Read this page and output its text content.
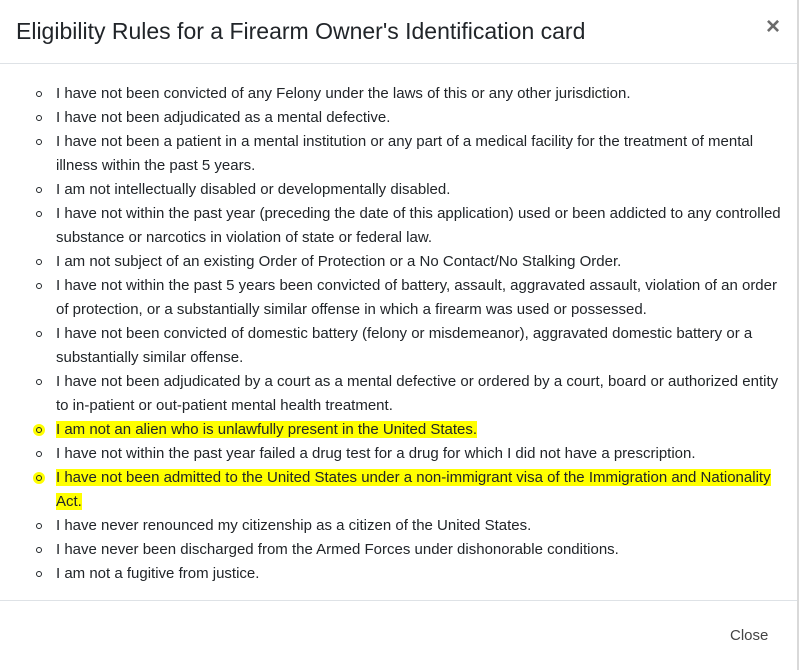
Eligibility Rules for a Firearm Owner's Identification card	×
I have not been convicted of any Felony under the laws of this or any other jurisdiction.
I have not been adjudicated as a mental defective.
I have not been a patient in a mental institution or any part of a medical facility for the treatment of mental illness within the past 5 years.
I am not intellectually disabled or developmentally disabled.
I have not within the past year (preceding the date of this application) used or been addicted to any controlled substance or narcotics in violation of state or federal law.
I am not subject of an existing Order of Protection or a No Contact/No Stalking Order.
I have not within the past 5 years been convicted of battery, assault, aggravated assault, violation of an order of protection, or a substantially similar offense in which a firearm was used or possessed.
I have not been convicted of domestic battery (felony or misdemeanor), aggravated domestic battery or a substantially similar offense.
I have not been adjudicated by a court as a mental defective or ordered by a court, board or authorized entity to in-patient or out-patient mental health treatment.
I am not an alien who is unlawfully present in the United States.
I have not within the past year failed a drug test for a drug for which I did not have a prescription.
I have not been admitted to the United States under a non-immigrant visa of the Immigration and Nationality Act.
I have never renounced my citizenship as a citizen of the United States.
I have never been discharged from the Armed Forces under dishonorable conditions.
I am not a fugitive from justice.
Close
